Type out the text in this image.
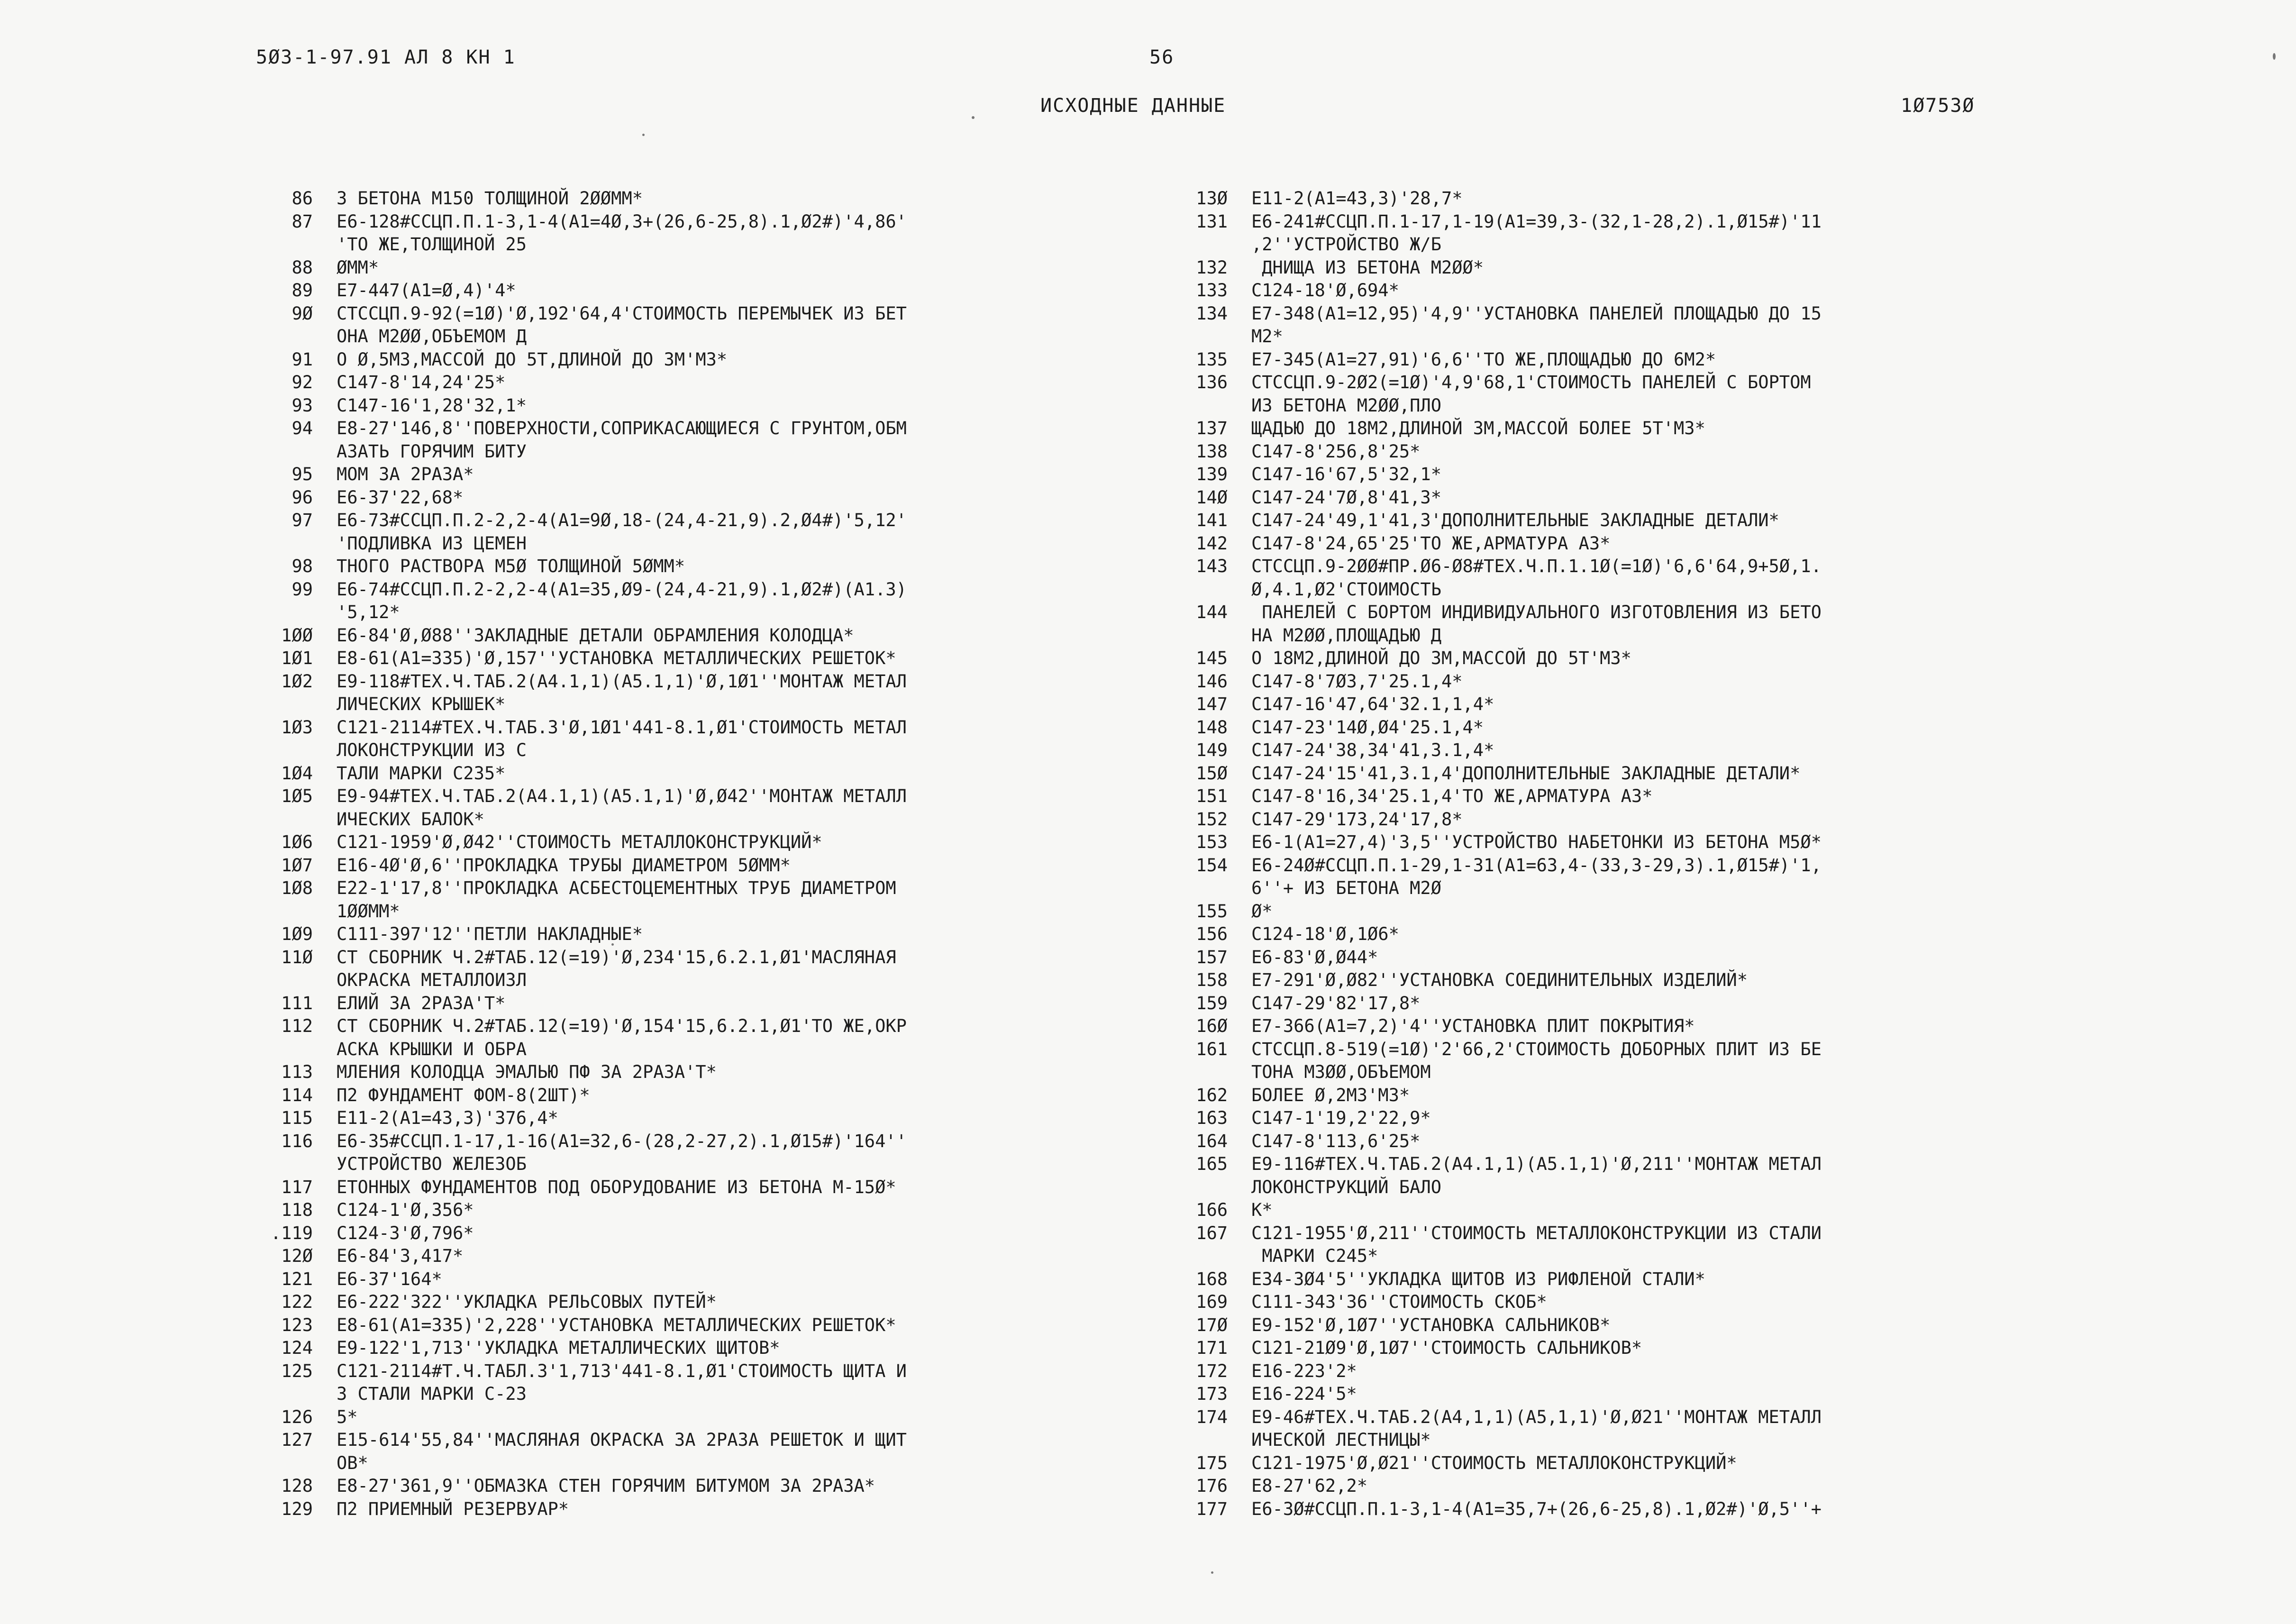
5Ø3-1-97.91 АЛ 8 КН 1	56
ИСХОДНЫЕ ДАННЫЕ	1Ø753Ø
86 3 БЕТОНА М150 ТОЛЩИНОЙ 2ØØММ*
87 Е6-128#ССЦП.П.1-3,1-4(А1=4Ø,3+(26,6-25,8).1,Ø2#)'4,86'
'ТО ЖЕ,ТОЛЩИНОЙ 25
88 ØММ*
89 Е7-447(А1=Ø,4)'4*
9Ø СТССЦП.9-92(=1Ø)'Ø,192'64,4'СТОИМОСТЬ ПЕРЕМЫЧЕК ИЗ БЕТ
ОНА М2ØØ,ОБЪЕМОМ Д
91 О Ø,5М3,МАССОЙ ДО 5Т,ДЛИНОЙ ДО 3М'М3*
92 С147-8'14,24'25*
93 С147-16'1,28'32,1*
94 Е8-27'146,8''ПОВЕРХНОСТИ,СОПРИКАСАЮЩИЕСЯ С ГРУНТОМ,ОБМ
АЗАТЬ ГОРЯЧИМ БИТУ
95 МОМ ЗА 2РАЗА*
96 Е6-37'22,68*
97 Е6-73#ССЦП.П.2-2,2-4(А1=9Ø,18-(24,4-21,9).2,Ø4#)'5,12'
'ПОДЛИВКА ИЗ ЦЕМЕН
98 ТНОГО РАСТВОРА М5Ø ТОЛЩИНОЙ 5ØММ*
99 Е6-74#ССЦП.П.2-2,2-4(А1=35,Ø9-(24,4-21,9).1,Ø2#)(А1.3)
'5,12*
1ØØ Е6-84'Ø,Ø88''ЗАКЛАДНЫЕ ДЕТАЛИ ОБРАМЛЕНИЯ КОЛОДЦА*
1Ø1 Е8-61(А1=335)'Ø,157''УСТАНОВКА МЕТАЛЛИЧЕСКИХ РЕШЕТОК*
1Ø2 Е9-118#ТЕХ.Ч.ТАБ.2(А4.1,1)(А5.1,1)'Ø,1Ø1''МОНТАЖ МЕТАЛ
ЛИЧЕСКИХ КРЫШЕК*
1Ø3 С121-2114#ТЕХ.Ч.ТАБ.3'Ø,1Ø1'441-8.1,Ø1'СТОИМОСТЬ МЕТАЛ
ЛОКОНСТРУКЦИИ ИЗ С
1Ø4 ТАЛИ МАРКИ С235*
1Ø5 Е9-94#ТЕХ.Ч.ТАБ.2(А4.1,1)(А5.1,1)'Ø,Ø42''МОНТАЖ МЕТАЛЛ
ИЧЕСКИХ БАЛОК*
1Ø6 С121-1959'Ø,Ø42''СТОИМОСТЬ МЕТАЛЛОКОНСТРУКЦИЙ*
1Ø7 Е16-4Ø'Ø,6''ПРОКЛАДКА ТРУБЫ ДИАМЕТРОМ 5ØММ*
1Ø8 Е22-1'17,8''ПРОКЛАДКА АСБЕСТОЦЕМЕНТНЫХ ТРУБ ДИАМЕТРОМ
1ØØММ*
1Ø9 С111-397'12''ПЕТЛИ НАКЛАДНЫЕ*
11Ø СТ СБОРНИК Ч.2#ТАБ.12(=19)'Ø,234'15,6.2.1,Ø1'МАСЛЯНАЯ
ОКРАСКА МЕТАЛЛОИЗЛ
111 ЕЛИЙ ЗА 2РАЗА'Т*
112 СТ СБОРНИК Ч.2#ТАБ.12(=19)'Ø,154'15,6.2.1,Ø1'ТО ЖЕ,ОКР
АСКА КРЫШКИ И ОБРА
113 МЛЕНИЯ КОЛОДЦА ЭМАЛЬЮ ПФ ЗА 2РАЗА'Т*
114 П2 ФУНДАМЕНТ ФОМ-8(2ШТ)*
115 Е11-2(А1=43,3)'376,4*
116 Е6-35#ССЦП.1-17,1-16(А1=32,6-(28,2-27,2).1,Ø15#)'164''
УСТРОЙСТВО ЖЕЛЕЗОБ
117 ЕТОННЫХ ФУНДАМЕНТОВ ПОД ОБОРУДОВАНИЕ ИЗ БЕТОНА М-15Ø*
118 С124-1'Ø,356*
.119 С124-3'Ø,796*
12Ø Е6-84'3,417*
121 Е6-37'164*
122 Е6-222'322''УКЛАДКА РЕЛЬСОВЫХ ПУТЕЙ*
123 Е8-61(А1=335)'2,228''УСТАНОВКА МЕТАЛЛИЧЕСКИХ РЕШЕТОК*
124 Е9-122'1,713''УКЛАДКА МЕТАЛЛИЧЕСКИХ ЩИТОВ*
125 С121-2114#Т.Ч.ТАБЛ.3'1,713'441-8.1,Ø1'СТОИМОСТЬ ЩИТА И
З СТАЛИ МАРКИ С-23
126 5*
127 Е15-614'55,84''МАСЛЯНАЯ ОКРАСКА ЗА 2РАЗА РЕШЕТОК И ЩИТ
ОВ*
128 Е8-27'361,9''ОБМАЗКА СТЕН ГОРЯЧИМ БИТУМОМ ЗА 2РАЗА*
129 П2 ПРИЕМНЫЙ РЕЗЕРВУАР*
13Ø Е11-2(А1=43,3)'28,7*
131 Е6-241#ССЦП.П.1-17,1-19(А1=39,3-(32,1-28,2).1,Ø15#)'11
,2''УСТРОЙСТВО Ж/Б
132 ДНИЩА ИЗ БЕТОНА М2ØØ*
133 С124-18'Ø,694*
134 Е7-348(А1=12,95)'4,9''УСТАНОВКА ПАНЕЛЕЙ ПЛОЩАДЬЮ ДО 15
М2*
135 Е7-345(А1=27,91)'6,6''ТО ЖЕ,ПЛОЩАДЬЮ ДО 6М2*
136 СТССЦП.9-2Ø2(=1Ø)'4,9'68,1'СТОИМОСТЬ ПАНЕЛЕЙ С БОРТОМ
ИЗ БЕТОНА М2ØØ,ПЛО
137 ЩАДЬЮ ДО 18М2,ДЛИНОЙ 3М,МАССОЙ БОЛЕЕ 5Т'М3*
138 С147-8'256,8'25*
139 С147-16'67,5'32,1*
14Ø С147-24'7Ø,8'41,3*
141 С147-24'49,1'41,3'ДОПОЛНИТЕЛЬНЫЕ ЗАКЛАДНЫЕ ДЕТАЛИ*
142 С147-8'24,65'25'ТО ЖЕ,АРМАТУРА А3*
143 СТССЦП.9-2ØØ#ПР.Ø6-Ø8#ТЕХ.Ч.П.1.1Ø(=1Ø)'6,6'64,9+5Ø,1.
Ø,4.1,Ø2'СТОИМОСТЬ
144 ПАНЕЛЕЙ С БОРТОМ ИНДИВИДУАЛЬНОГО ИЗГОТОВЛЕНИЯ ИЗ БЕТО
НА М2ØØ,ПЛОЩАДЬЮ Д
145 О 18М2,ДЛИНОЙ ДО 3М,МАССОЙ ДО 5Т'М3*
146 С147-8'7Ø3,7'25.1,4*
147 С147-16'47,64'32.1,1,4*
148 С147-23'14Ø,Ø4'25.1,4*
149 С147-24'38,34'41,3.1,4*
15Ø С147-24'15'41,3.1,4'ДОПОЛНИТЕЛЬНЫЕ ЗАКЛАДНЫЕ ДЕТАЛИ*
151 С147-8'16,34'25.1,4'ТО ЖЕ,АРМАТУРА А3*
152 С147-29'173,24'17,8*
153 Е6-1(А1=27,4)'3,5''УСТРОЙСТВО НАБЕТОНКИ ИЗ БЕТОНА М5Ø*
154 Е6-24Ø#ССЦП.П.1-29,1-31(А1=63,4-(33,3-29,3).1,Ø15#)'1,
6''+ ИЗ БЕТОНА М2Ø
155 Ø*
156 С124-18'Ø,1Ø6*
157 Е6-83'Ø,Ø44*
158 Е7-291'Ø,Ø82''УСТАНОВКА СОЕДИНИТЕЛЬНЫХ ИЗДЕЛИЙ*
159 С147-29'82'17,8*
16Ø Е7-366(А1=7,2)'4''УСТАНОВКА ПЛИТ ПОКРЫТИЯ*
161 СТССЦП.8-519(=1Ø)'2'66,2'СТОИМОСТЬ ДОБОРНЫХ ПЛИТ ИЗ БЕ
ТОНА М3ØØ,ОБЪЕМОМ
162 БОЛЕЕ Ø,2М3'М3*
163 С147-1'19,2'22,9*
164 С147-8'113,6'25*
165 Е9-116#ТЕХ.Ч.ТАБ.2(А4.1,1)(А5.1,1)'Ø,211''МОНТАЖ МЕТАЛ
ЛОКОНСТРУКЦИЙ БАЛО
166 К*
167 С121-1955'Ø,211''СТОИМОСТЬ МЕТАЛЛОКОНСТРУКЦИИ ИЗ СТАЛИ
МАРКИ С245*
168 Е34-3Ø4'5''УКЛАДКА ЩИТОВ ИЗ РИФЛЕНОЙ СТАЛИ*
169 С111-343'36''СТОИМОСТЬ СКОБ*
17Ø Е9-152'Ø,1Ø7''УСТАНОВКА САЛЬНИКОВ*
171 С121-21Ø9'Ø,1Ø7''СТОИМОСТЬ САЛЬНИКОВ*
172 Е16-223'2*
173 Е16-224'5*
174 Е9-46#ТЕХ.Ч.ТАБ.2(А4,1,1)(А5,1,1)'Ø,Ø21''МОНТАЖ МЕТАЛЛ
ИЧЕСКОЙ ЛЕСТНИЦЫ*
175 С121-1975'Ø,Ø21''СТОИМОСТЬ МЕТАЛЛОКОНСТРУКЦИЙ*
176 Е8-27'62,2*
177 Е6-3Ø#ССЦП.П.1-3,1-4(А1=35,7+(26,6-25,8).1,Ø2#)'Ø,5''+
